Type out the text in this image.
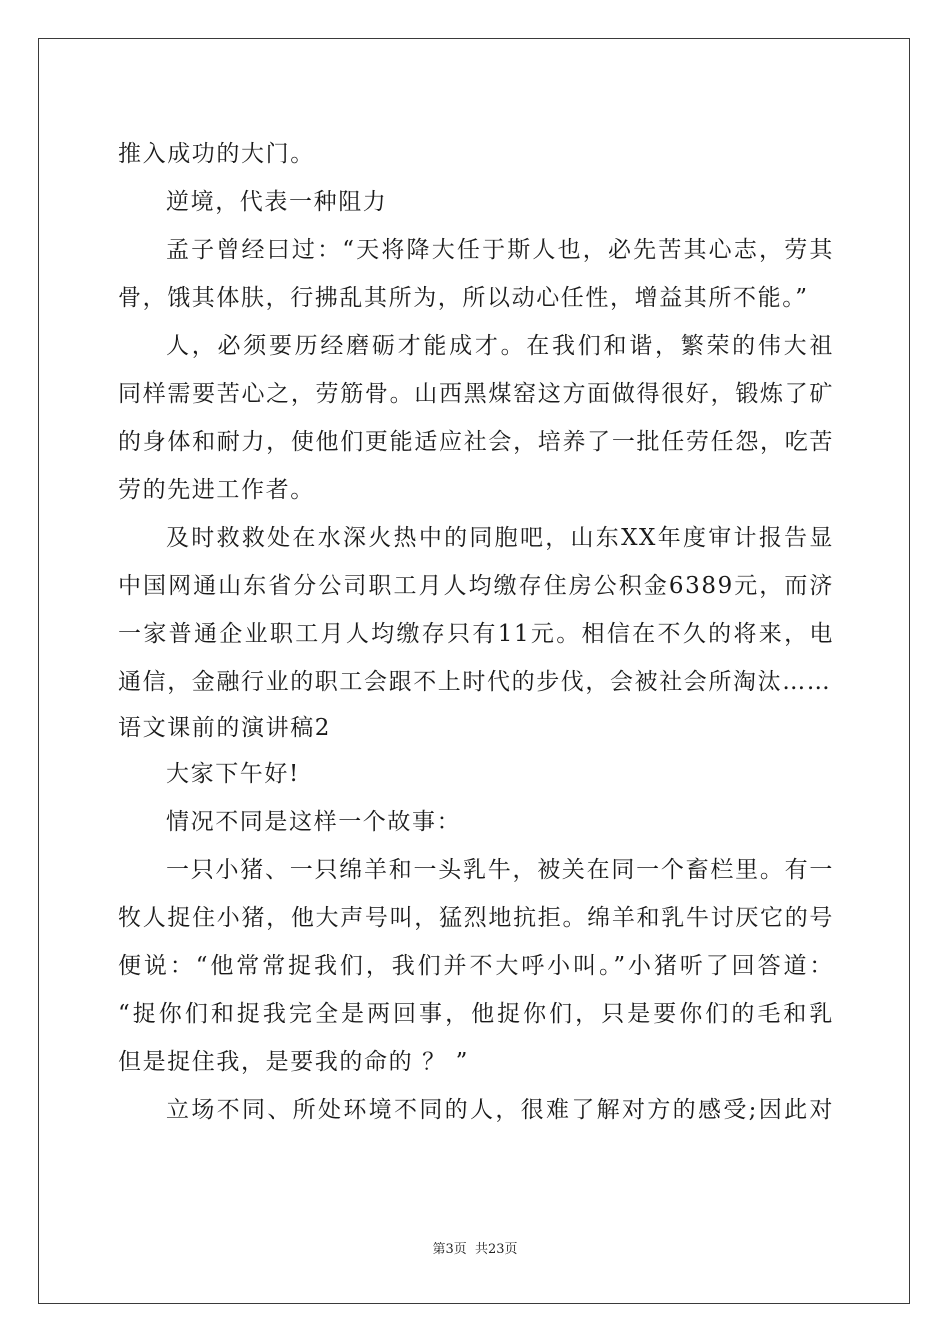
推入成功的大门。
逆境，代表一种阻力
孟子曾经曰过：“天将降大任于斯人也，必先苦其心志，劳其
骨，饿其体肤，行拂乱其所为，所以动心任性，增益其所不能。”
人，必须要历经磨砺才能成才。在我们和谐，繁荣的伟大祖
同样需要苦心之，劳筋骨。山西黑煤窑这方面做得很好，锻炼了矿
的身体和耐力，使他们更能适应社会，培养了一批任劳任怨，吃苦
劳的先进工作者。
及时救救处在水深火热中的同胞吧，山东XX年度审计报告显
中国网通山东省分公司职工月人均缴存住房公积金6389元，而济
一家普通企业职工月人均缴存只有11元。相信在不久的将来，电
通信，金融行业的职工会跟不上时代的步伐，会被社会所淘汰……
语文课前的演讲稿2
大家下午好!
情况不同是这样一个故事：
一只小猪、一只绵羊和一头乳牛，被关在同一个畜栏里。有一
牧人捉住小猪，他大声号叫，猛烈地抗拒。绵羊和乳牛讨厌它的号
便说：“他常常捉我们，我们并不大呼小叫。”小猪听了回答道：
“捉你们和捉我完全是两回事，他捉你们，只是要你们的毛和乳
但是捉住我，是要我的命的 ？ ”
立场不同、所处环境不同的人，很难了解对方的感受;因此对
第3页 共23页
